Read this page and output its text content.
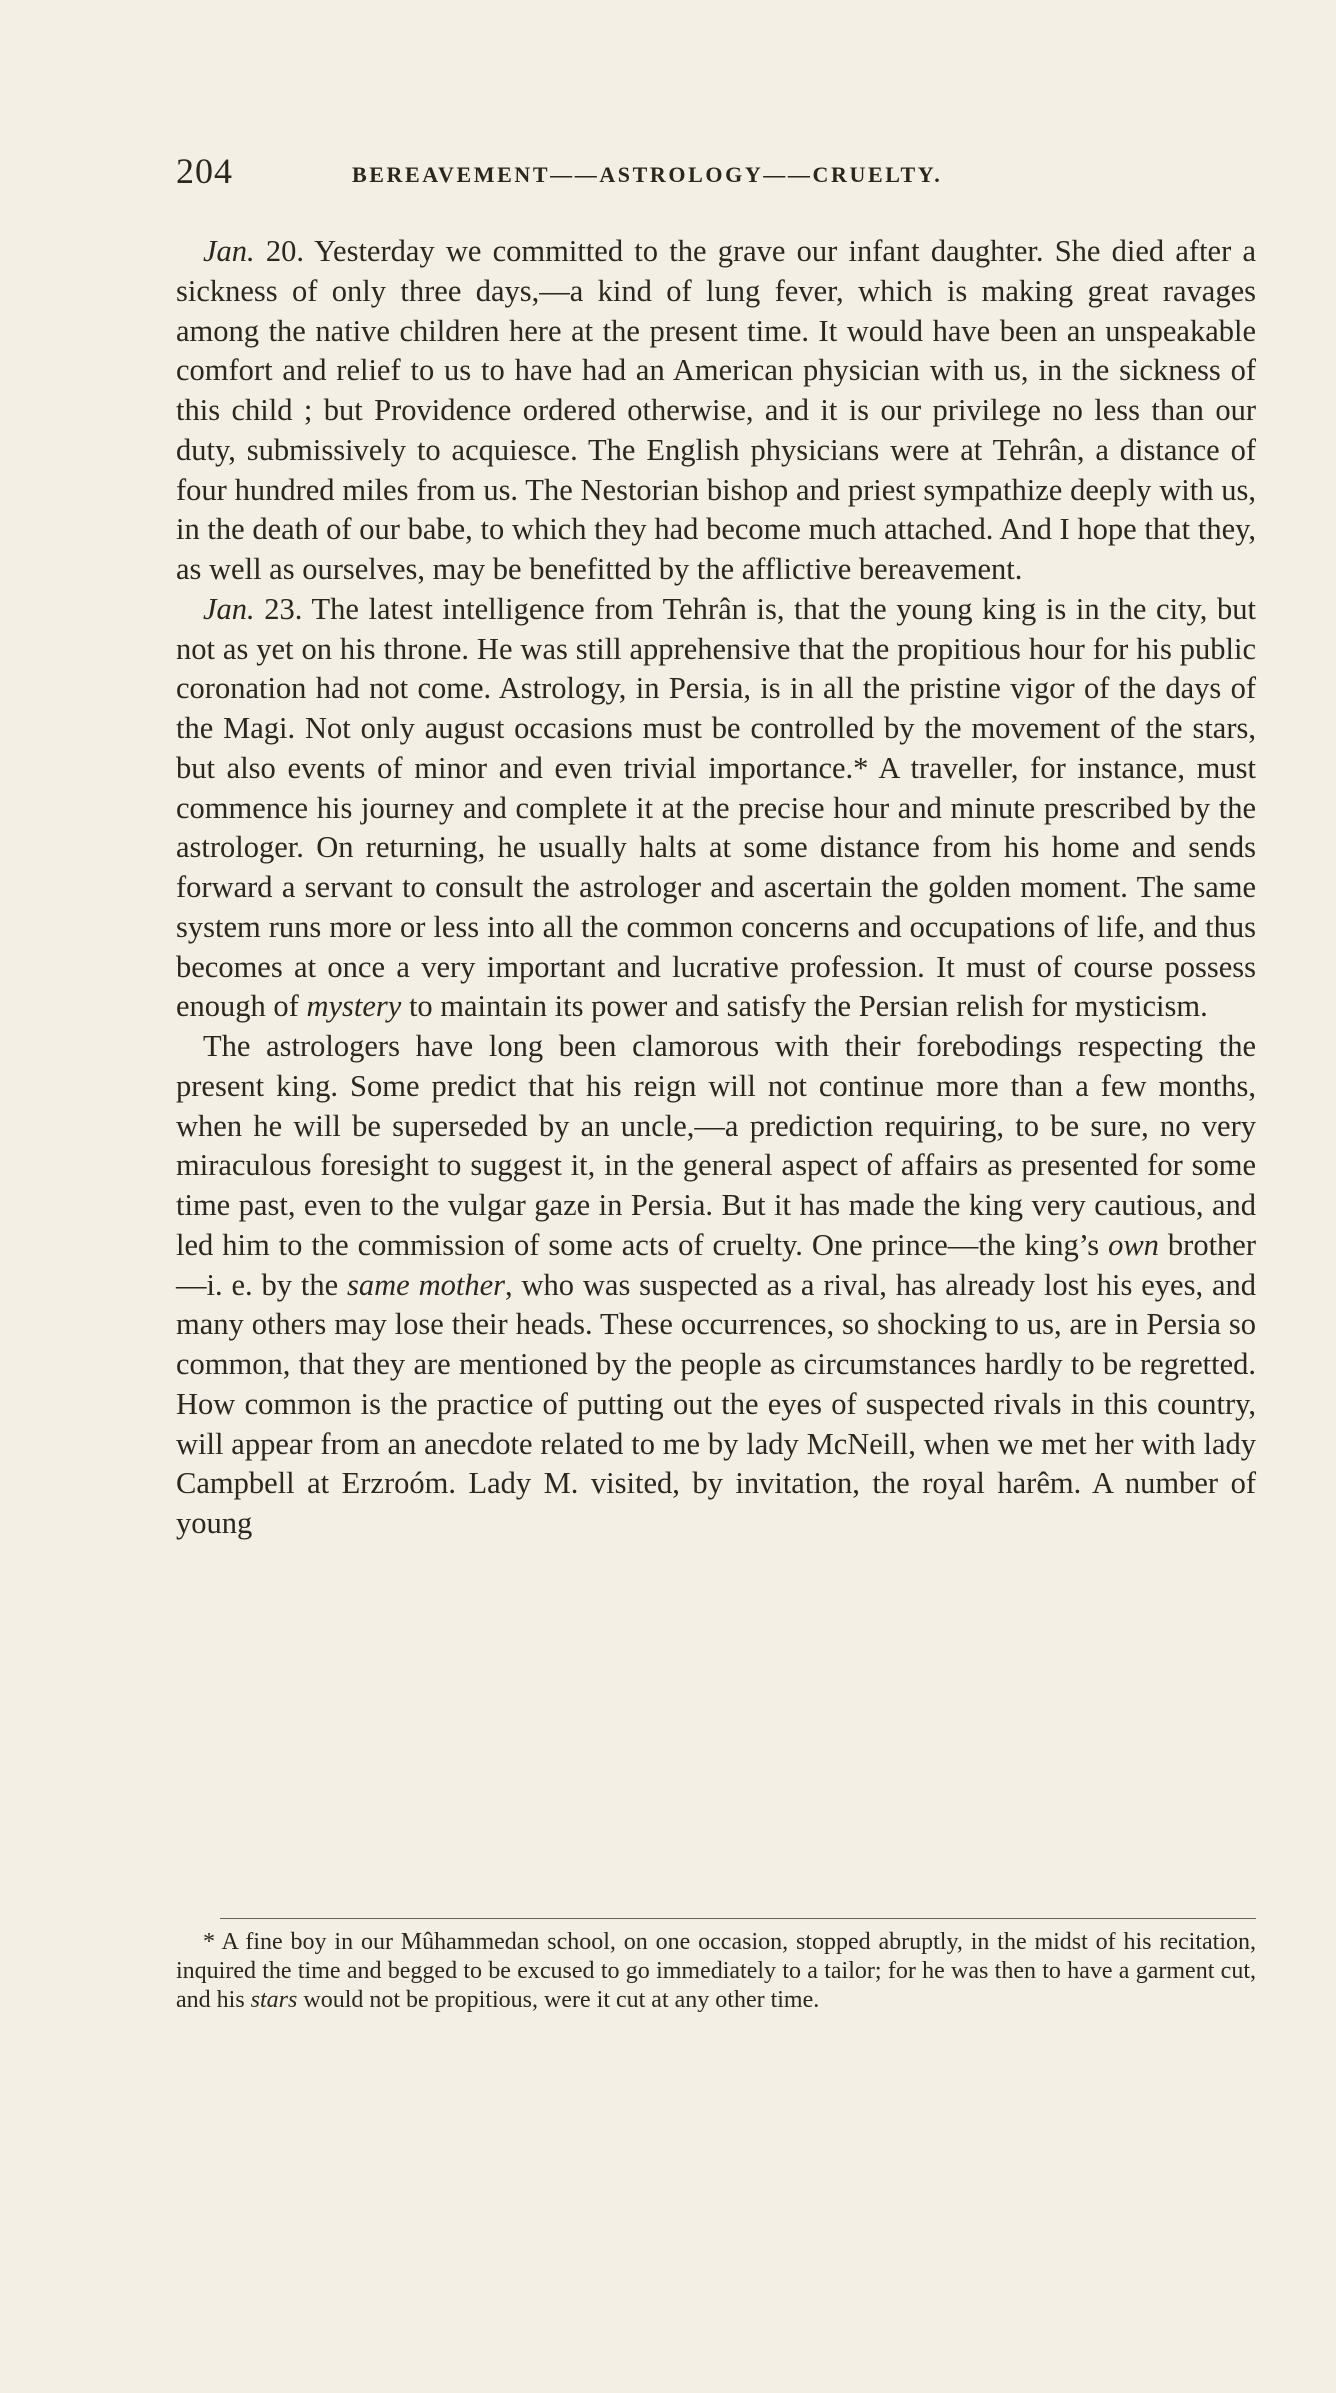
204	BEREAVEMENT——ASTROLOGY——CRUELTY.

Jan. 20. Yesterday we committed to the grave our infant daughter. She died after a sickness of only three days,—a kind of lung fever, which is making great ravages among the native children here at the present time. It would have been an unspeakable comfort and relief to us to have had an American physician with us, in the sickness of this child ; but Providence ordered otherwise, and it is our privilege no less than our duty, submissively to acquiesce. The English physicians were at Tehrân, a distance of four hundred miles from us. The Nestorian bishop and priest sympathize deeply with us, in the death of our babe, to which they had become much attached. And I hope that they, as well as ourselves, may be benefitted by the afflictive bereavement.

Jan. 23. The latest intelligence from Tehrân is, that the young king is in the city, but not as yet on his throne. He was still apprehensive that the propitious hour for his public coronation had not come. Astrology, in Persia, is in all the pristine vigor of the days of the Magi. Not only august occasions must be controlled by the movement of the stars, but also events of minor and even trivial importance.* A traveller, for instance, must commence his journey and complete it at the precise hour and minute prescribed by the astrologer. On returning, he usually halts at some distance from his home and sends forward a servant to consult the astrologer and ascertain the golden moment. The same system runs more or less into all the common concerns and occupations of life, and thus becomes at once a very important and lucrative profession. It must of course possess enough of mystery to maintain its power and satisfy the Persian relish for mysticism.

The astrologers have long been clamorous with their forebodings respecting the present king. Some predict that his reign will not continue more than a few months, when he will be superseded by an uncle,—a prediction requiring, to be sure, no very miraculous foresight to suggest it, in the general aspect of affairs as presented for some time past, even to the vulgar gaze in Persia. But it has made the king very cautious, and led him to the commission of some acts of cruelty. One prince—the king’s own brother—i. e. by the same mother, who was suspected as a rival, has already lost his eyes, and many others may lose their heads. These occurrences, so shocking to us, are in Persia so common, that they are mentioned by the people as circumstances hardly to be regretted. How common is the practice of putting out the eyes of suspected rivals in this country, will appear from an anecdote related to me by lady McNeill, when we met her with lady Campbell at Erzroóm. Lady M. visited, by invitation, the royal harêm. A number of young

* A fine boy in our Mûhammedan school, on one occasion, stopped abruptly, in the midst of his recitation, inquired the time and begged to be excused to go immediately to a tailor; for he was then to have a garment cut, and his stars would not be propitious, were it cut at any other time.
